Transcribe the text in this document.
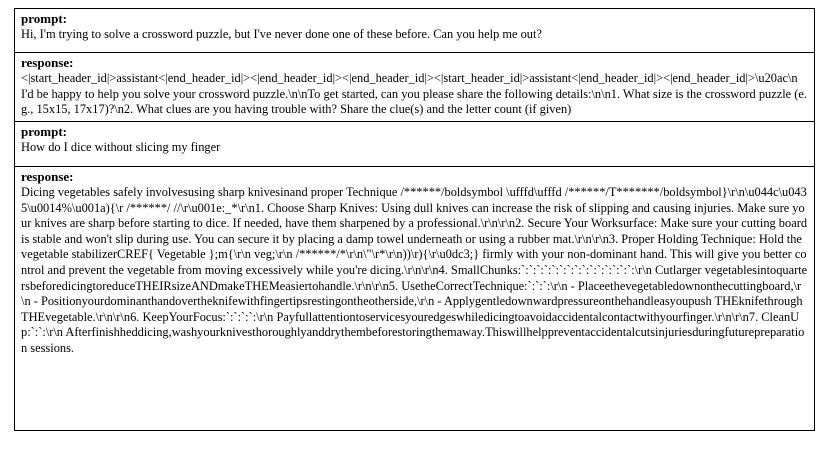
prompt:
Hi, I'm trying to solve a crossword puzzle, but I've never done one of these before. Can you help me out?
response:
<|start_header_id|>assistant<|end_header_id|><|end_header_id|><|end_header_id|><|start_header_id|>assistant<|end_header_id|><|end_header_id|>\u20ac\nI'd be happy to help you solve your crossword puzzle.\n\nTo get started, can you please share the following details:\n\n1. What size is the crossword puzzle (e.g., 15x15, 17x17)?\n2. What clues are you having trouble with? Share the clue(s) and the letter count (if given)
prompt:
How do I dice without slicing my finger
response:
Dicing vegetables safely involvesusing sharp knivesinand proper Technique /******/boldsymbol \ufffd\ufffd /******/T*******/boldsymbol}\r\n\u044c\u0435\u0014%\u001a){\r /******/ //\r\u001e:_*\r\n1. Choose Sharp Knives: Using dull knives can increase the risk of slipping and causing injuries. Make sure your knives are sharp before starting to dice. If needed, have them sharpened by a professional.\r\n\r\n2. Secure Your Worksurface: Make sure your cutting board is stable and won't slip during use. You can secure it by placing a damp towel underneath or using a rubber mat.\r\n\r\n3. Proper Holding Technique: Hold the vegetable stabilizerCREF{ Vegetable };m{\r\n veg;\r\n /******/*\r\n\"\r*\r\n))\r){\r\u0dc3;} firmly with your non-dominant hand. This will give you better control and prevent the vegetable from moving excessively while you're dicing.\r\n\r\n4. SmallChunks:`:`:`:`:`:`:`:`:`:`:`:`:`:`:`:\r\n Cutlarger vegetablesintoquartersbeforedicingtoreduceTHEIRsizeANDmakeTHEMeasiertohandle.\r\n\r\n5. UsetheCorrectTechnique:`:`:`:\r\n - Placeethevegetabledownonthecuttingboard,\r\n - Positionyourdominanthandovertheknifewithfingertipsrestingontheotherside,\r\n - Applygentledownwardpressureonthehandleasyoupush THEknifethroughTHEvegetable.\r\n\r\n6. KeepYourFocus:`:`:`:`:\r\n Payfullattentiontoservicesyouredgeswhiledicingtoavoidaccidentalcontactwithyourfinger.\r\n\r\n7. CleanUp:`:`:\r\n Afterfinishheddicing,washyourknivesthoroughlyanddrythembeforestoringthemaway.Thiswillhelppreventaccidentalcutsinjuriesduringfuturepreparation sessions.
